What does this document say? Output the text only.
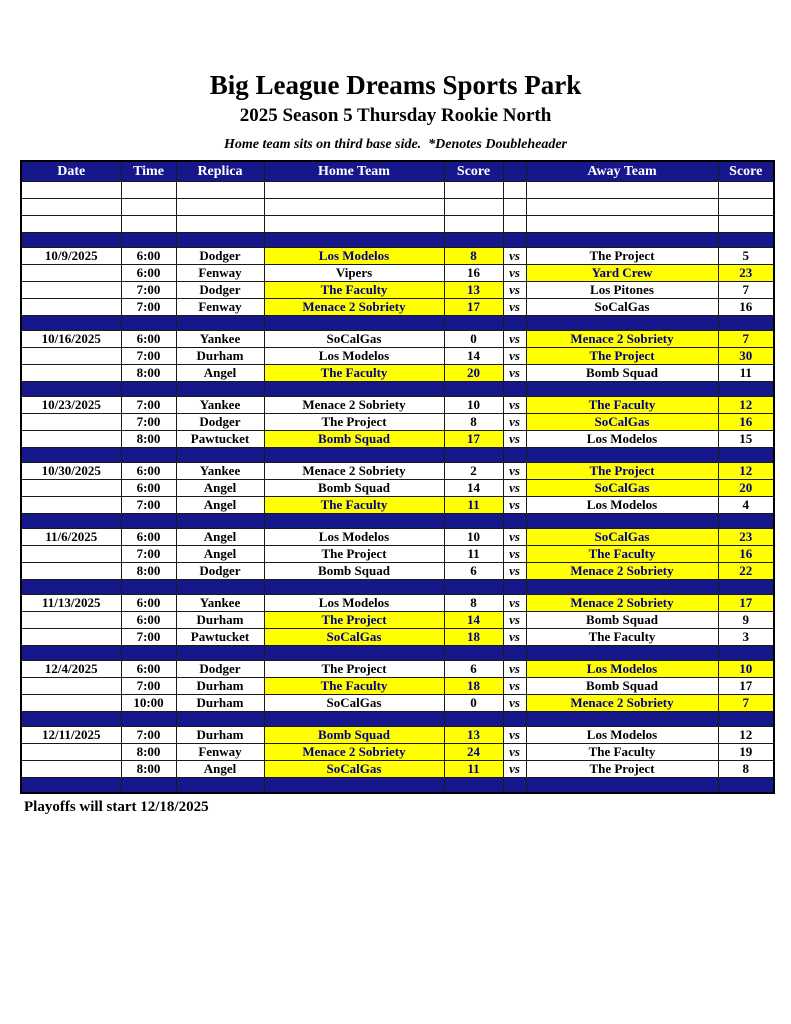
Big League Dreams Sports Park
2025 Season 5 Thursday Rookie North
Home team sits on third base side.  *Denotes Doubleheader
Date	Time	Replica	Home Team	Score		Away Team	Score

10/9/2025	6:00	Dodger	Los Modelos	8	vs	The Project	5
	6:00	Fenway	Vipers	16	vs	Yard Crew	23
	7:00	Dodger	The Faculty	13	vs	Los Pitones	7
	7:00	Fenway	Menace 2 Sobriety	17	vs	SoCalGas	16

10/16/2025	6:00	Yankee	SoCalGas	0	vs	Menace 2 Sobriety	7
	7:00	Durham	Los Modelos	14	vs	The Project	30
	8:00	Angel	The Faculty	20	vs	Bomb Squad	11

10/23/2025	7:00	Yankee	Menace 2 Sobriety	10	vs	The Faculty	12
	7:00	Dodger	The Project	8	vs	SoCalGas	16
	8:00	Pawtucket	Bomb Squad	17	vs	Los Modelos	15

10/30/2025	6:00	Yankee	Menace 2 Sobriety	2	vs	The Project	12
	6:00	Angel	Bomb Squad	14	vs	SoCalGas	20
	7:00	Angel	The Faculty	11	vs	Los Modelos	4

11/6/2025	6:00	Angel	Los Modelos	10	vs	SoCalGas	23
	7:00	Angel	The Project	11	vs	The Faculty	16
	8:00	Dodger	Bomb Squad	6	vs	Menace 2 Sobriety	22

11/13/2025	6:00	Yankee	Los Modelos	8	vs	Menace 2 Sobriety	17
	6:00	Durham	The Project	14	vs	Bomb Squad	9
	7:00	Pawtucket	SoCalGas	18	vs	The Faculty	3

12/4/2025	6:00	Dodger	The Project	6	vs	Los Modelos	10
	7:00	Durham	The Faculty	18	vs	Bomb Squad	17
	10:00	Durham	SoCalGas	0	vs	Menace 2 Sobriety	7

12/11/2025	7:00	Durham	Bomb Squad	13	vs	Los Modelos	12
	8:00	Fenway	Menace 2 Sobriety	24	vs	The Faculty	19
	8:00	Angel	SoCalGas	11	vs	The Project	8

Playoffs will start 12/18/2025
